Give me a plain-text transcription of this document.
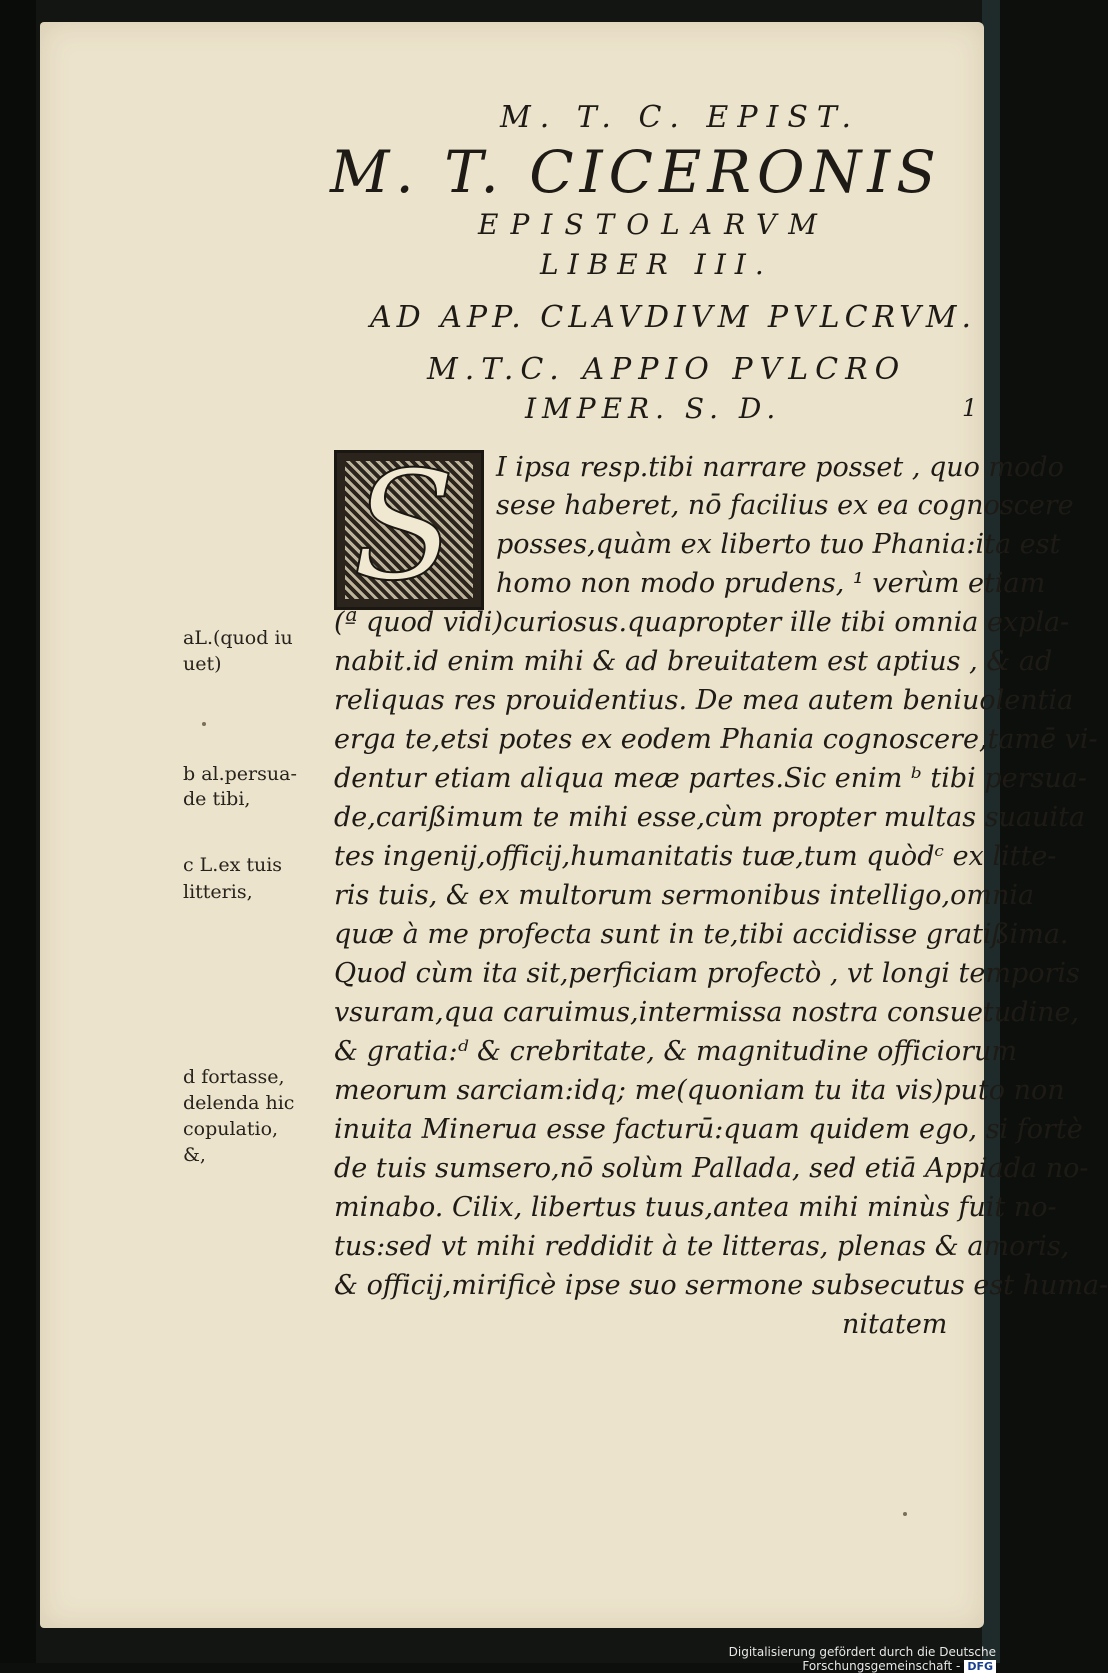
M. T. C. EPIST.
M. T. CICERONIS
EPISTOLARVM
LIBER III.
AD APP. CLAVDIVM PVLCRVM.
M.T.C. APPIO PVLCRO
IMPER. S. D.	1
S	I ipsa resp.tibi narrare posset , quo modo
sese haberet, nō facilius ex ea cognoscere
posses,quàm ex liberto tuo Phania:ita est
homo non modo prudens, ¹ verùm etiam
(ª quod vidi)curiosus.quapropter ille tibi omnia expla-
nabit.id enim mihi & ad breuitatem est aptius , & ad
reliquas res prouidentius. De mea autem beniuolentia
erga te,etsi potes ex eodem Phania cognoscere,tamē vi-
dentur etiam aliqua meæ partes.Sic enim ᵇ tibi persua-
de,carißimum te mihi esse,cùm propter multas suauita
tes ingenij,officij,humanitatis tuæ,tum quòdᶜ ex litte-
ris tuis, & ex multorum sermonibus intelligo,omnia
quæ à me profecta sunt in te,tibi accidisse gratißima.
Quod cùm ita sit,perficiam profectò , vt longi temporis
vsuram,qua caruimus,intermissa nostra consuetudine,
& gratia:ᵈ & crebritate, & magnitudine officiorum
meorum sarciam:idq; me(quoniam tu ita vis)puto non
inuita Minerua esse facturū:quam quidem ego, si fortè
de tuis sumsero,nō solùm Pallada, sed etiā Appiada no-
minabo. Cilix, libertus tuus,antea mihi minùs fuit no-
tus:sed vt mihi reddidit à te litteras, plenas & amoris,
& officij,mirificè ipse suo sermone subsecutus est huma-
nitatem
aL.(quod iu
uet)
b al.persua-
de tibi,
c L.ex tuis
litteris,
d fortasse,
delenda hic
copulatio,
&,
Digitalisierung gefördert durch die Deutsche Forschungsgemeinschaft - DFG
